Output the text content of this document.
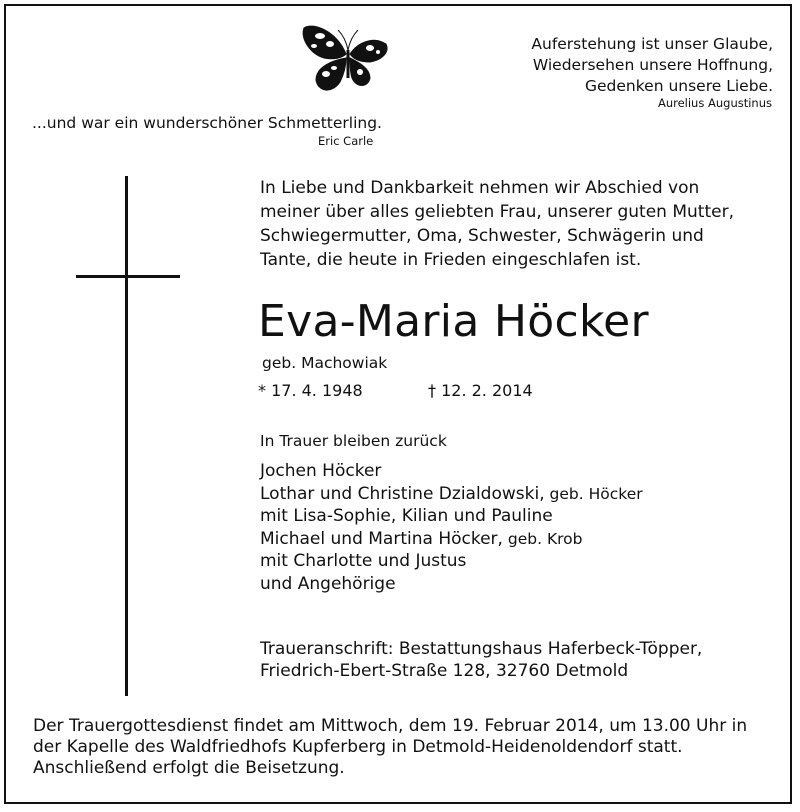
Auferstehung ist unser Glaube,
Wiedersehen unsere Hoffnung,
Gedenken unsere Liebe.
Aurelius Augustinus
...und war ein wunderschöner Schmetterling.
Eric Carle
In Liebe und Dankbarkeit nehmen wir Abschied von
meiner über alles geliebten Frau, unserer guten Mutter,
Schwiegermutter, Oma, Schwester, Schwägerin und
Tante, die heute in Frieden eingeschlafen ist.
Eva-Maria Höcker
geb. Machowiak
* 17. 4. 1948	† 12. 2. 2014
In Trauer bleiben zurück
Jochen Höcker
Lothar und Christine Dzialdowski, geb. Höcker
mit Lisa-Sophie, Kilian und Pauline
Michael und Martina Höcker, geb. Krob
mit Charlotte und Justus
und Angehörige
Traueranschrift: Bestattungshaus Haferbeck-Töpper,
Friedrich-Ebert-Straße 128, 32760 Detmold
Der Trauergottesdienst findet am Mittwoch, dem 19. Februar 2014, um 13.00 Uhr in
der Kapelle des Waldfriedhofs Kupferberg in Detmold-Heidenoldendorf statt.
Anschließend erfolgt die Beisetzung.
